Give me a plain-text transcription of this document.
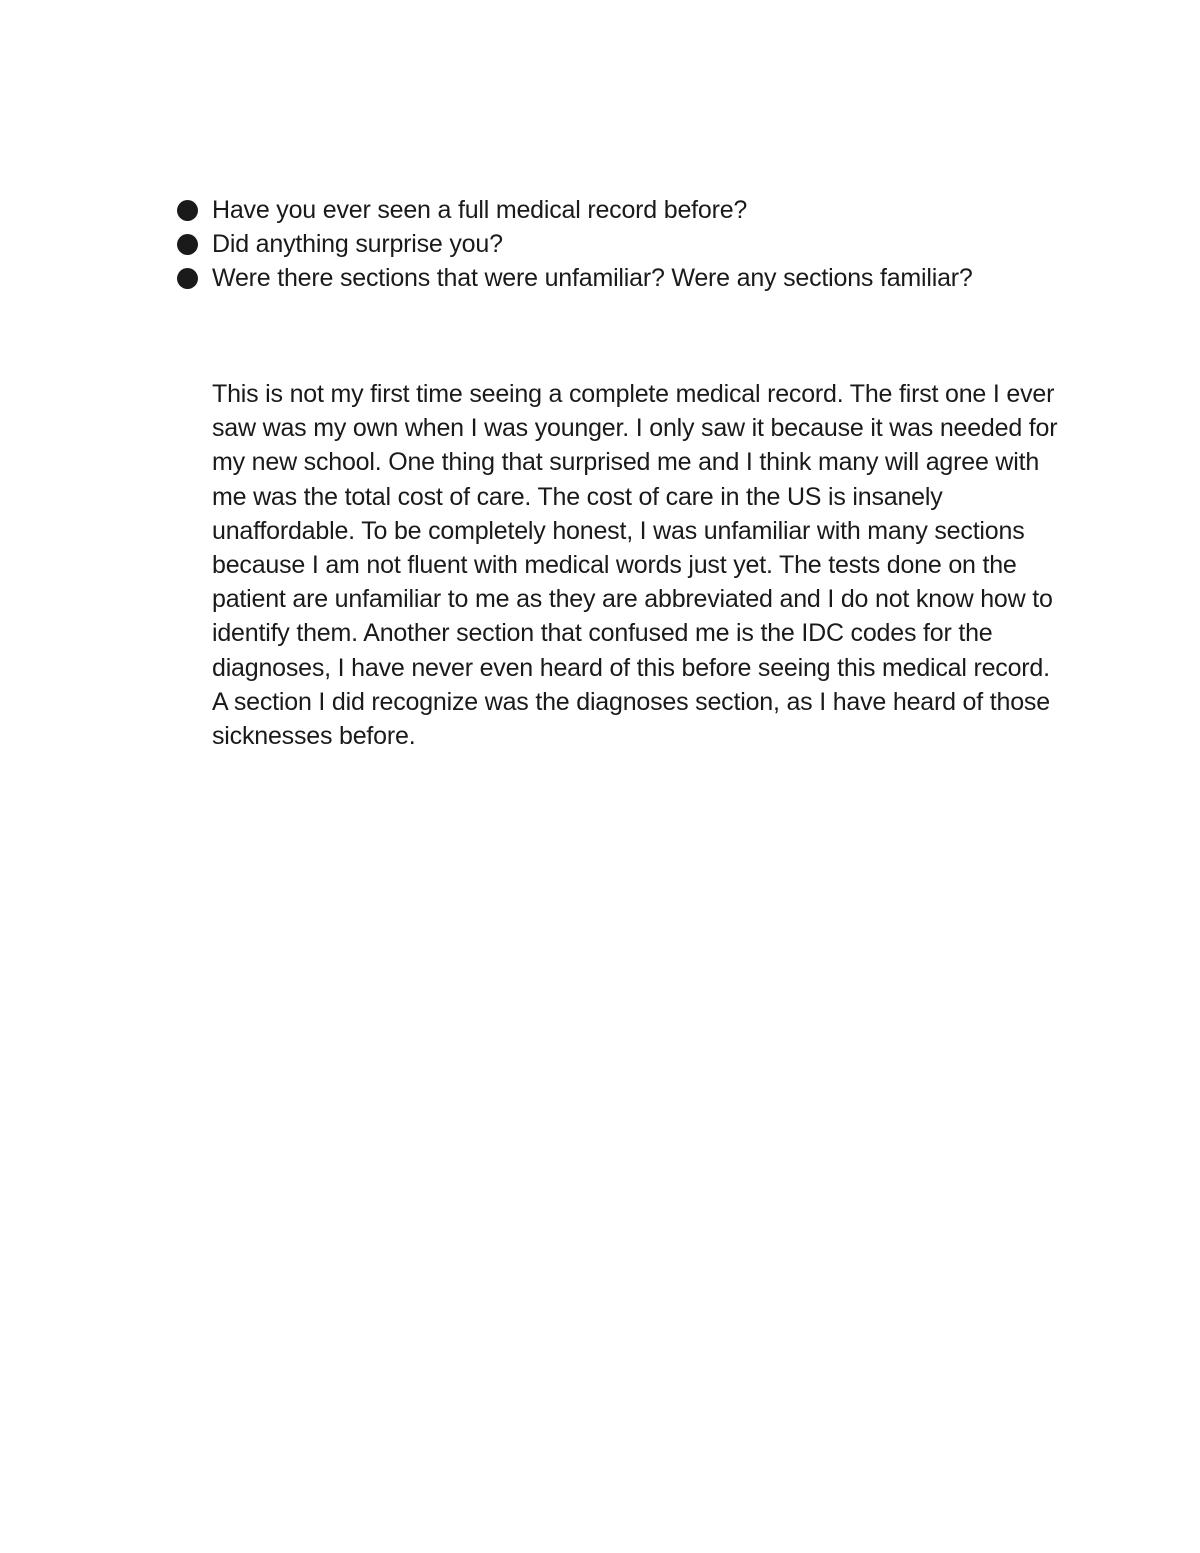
Have you ever seen a full medical record before?
Did anything surprise you?
Were there sections that were unfamiliar? Were any sections familiar?

This is not my first time seeing a complete medical record. The first one I ever saw was my own when I was younger. I only saw it because it was needed for my new school. One thing that surprised me and I think many will agree with me was the total cost of care. The cost of care in the US is insanely unaffordable. To be completely honest, I was unfamiliar with many sections because I am not fluent with medical words just yet. The tests done on the patient are unfamiliar to me as they are abbreviated and I do not know how to identify them. Another section that confused me is the IDC codes for the diagnoses, I have never even heard of this before seeing this medical record. A section I did recognize was the diagnoses section, as I have heard of those sicknesses before.
